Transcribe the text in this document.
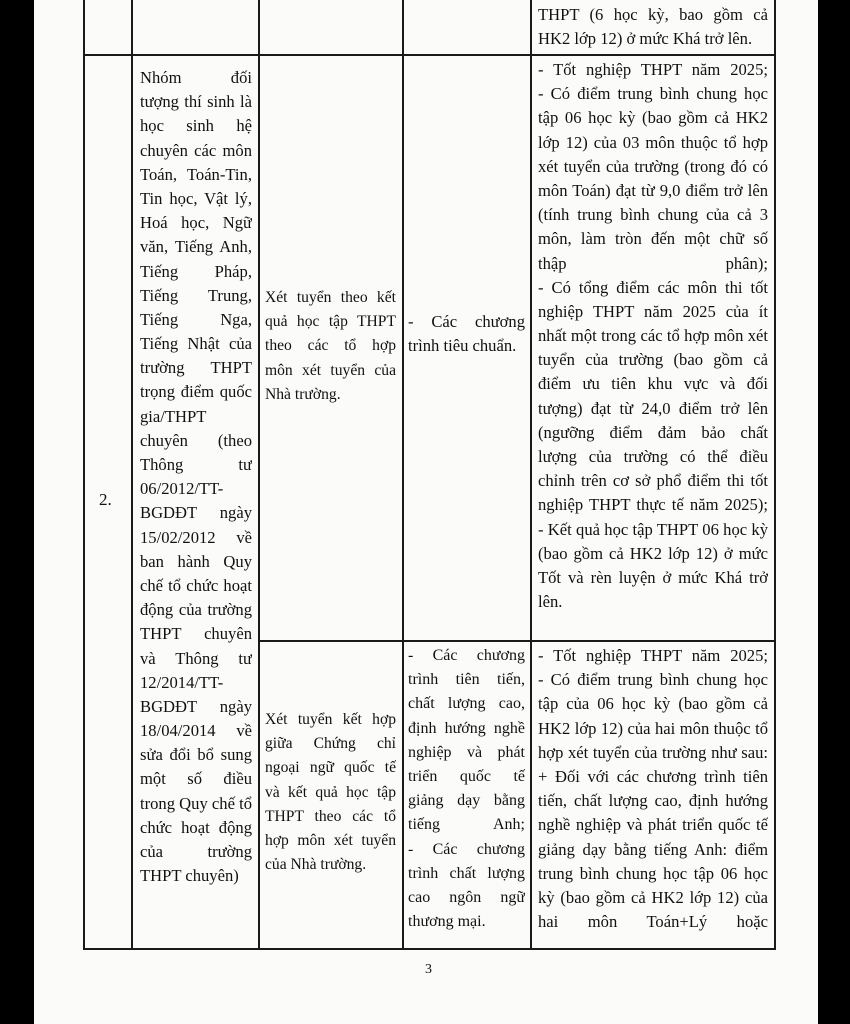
THPT (6 học kỳ, bao gồm cả
HK2 lớp 12) ở mức Khá trở lên.
2.
Nhóm đối
tượng thí sinh là
học sinh hệ
chuyên các môn
Toán, Toán-Tin,
Tin học, Vật lý,
Hoá học, Ngữ
văn, Tiếng Anh,
Tiếng Pháp,
Tiếng Trung,
Tiếng Nga,
Tiếng Nhật của
trường THPT
trọng điểm quốc
gia/THPT
chuyên (theo
Thông tư
06/2012/TT-
BGDĐT ngày
15/02/2012 về
ban hành Quy
chế tổ chức hoạt
động của trường
THPT chuyên
và Thông tư
12/2014/TT-
BGDĐT ngày
18/04/2014 về
sửa đổi bổ sung
một số điều
trong Quy chế tổ
chức hoạt động
của trường
THPT chuyên)
Xét tuyển theo kết
quả học tập THPT
theo các tổ hợp
môn xét tuyển của
Nhà trường.
- Các chương
trình tiêu chuẩn.
- Tốt nghiệp THPT năm 2025;
- Có điểm trung bình chung học
tập 06 học kỳ (bao gồm cả HK2
lớp 12) của 03 môn thuộc tổ hợp
xét tuyển của trường (trong đó có
môn Toán) đạt từ 9,0 điểm trở lên
(tính trung bình chung của cả 3
môn, làm tròn đến một chữ số
thập phân);
- Có tổng điểm các môn thi tốt
nghiệp THPT năm 2025 của ít
nhất một trong các tổ hợp môn xét
tuyển của trường (bao gồm cả
điểm ưu tiên khu vực và đối
tượng) đạt từ 24,0 điểm trở lên
(ngưỡng điểm đảm bảo chất
lượng của trường có thể điều
chỉnh trên cơ sở phổ điểm thi tốt
nghiệp THPT thực tế năm 2025);
- Kết quả học tập THPT 06 học kỳ
(bao gồm cả HK2 lớp 12) ở mức
Tốt và rèn luyện ở mức Khá trở
lên.
Xét tuyển kết hợp
giữa Chứng chỉ
ngoại ngữ quốc tế
và kết quả học tập
THPT theo các tổ
hợp môn xét tuyển
của Nhà trường.
- Các chương
trình tiên tiến,
chất lượng cao,
định hướng nghề
nghiệp và phát
triển quốc tế
giảng dạy bằng
tiếng Anh;
- Các chương
trình chất lượng
cao ngôn ngữ
thương mại.
- Tốt nghiệp THPT năm 2025;
- Có điểm trung bình chung học
tập của 06 học kỳ (bao gồm cả
HK2 lớp 12) của hai môn thuộc tổ
hợp xét tuyển của trường như sau:
+ Đối với các chương trình tiên
tiến, chất lượng cao, định hướng
nghề nghiệp và phát triển quốc tế
giảng dạy bằng tiếng Anh: điểm
trung bình chung học tập 06 học
kỳ (bao gồm cả HK2 lớp 12) của
hai môn Toán+Lý hoặc
3
